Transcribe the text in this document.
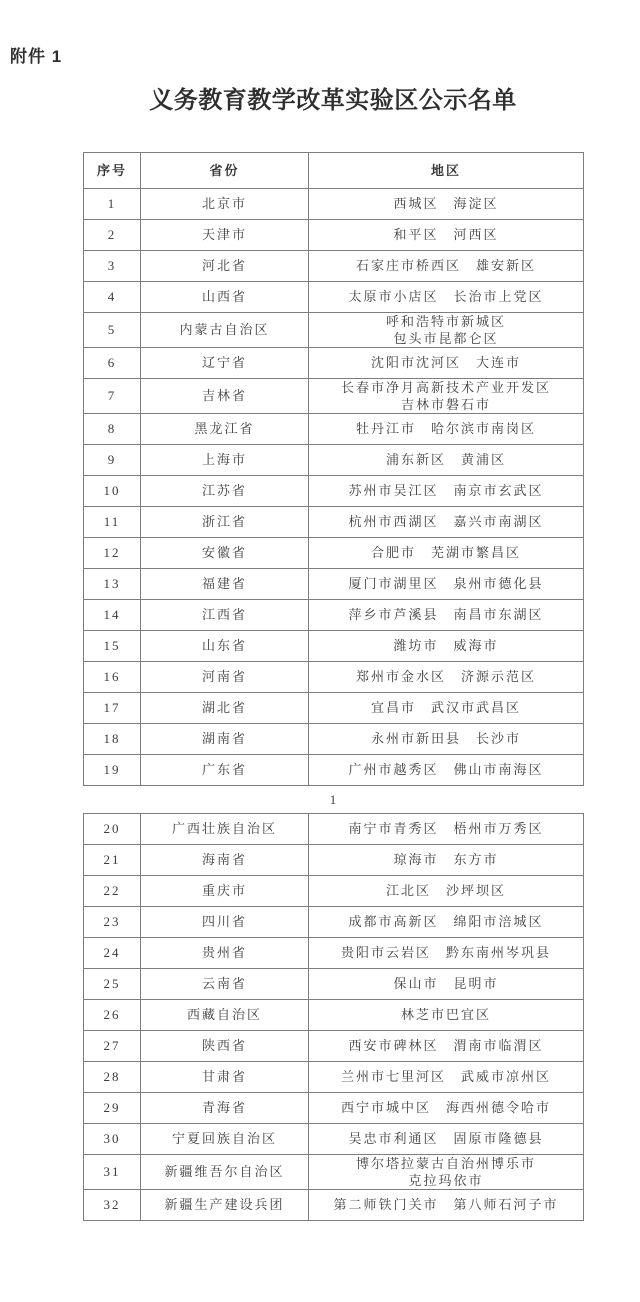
附件 1
义务教育教学改革实验区公示名单
序号	省份	地区
1	北京市	西城区　海淀区
2	天津市	和平区　河西区
3	河北省	石家庄市桥西区　雄安新区
4	山西省	太原市小店区　长治市上党区
5	内蒙古自治区	呼和浩特市新城区
包头市昆都仑区

6	辽宁省	沈阳市沈河区　大连市
7	吉林省	长春市净月高新技术产业开发区
吉林市磐石市

8	黑龙江省	牡丹江市　哈尔滨市南岗区
9	上海市	浦东新区　黄浦区
10	江苏省	苏州市吴江区　南京市玄武区
11	浙江省	杭州市西湖区　嘉兴市南湖区
12	安徽省	合肥市　芜湖市繁昌区
13	福建省	厦门市湖里区　泉州市德化县
14	江西省	萍乡市芦溪县　南昌市东湖区
15	山东省	潍坊市　威海市
16	河南省	郑州市金水区　济源示范区
17	湖北省	宜昌市　武汉市武昌区
18	湖南省	永州市新田县　长沙市
19	广东省	广州市越秀区　佛山市南海区
1
20	广西壮族自治区	南宁市青秀区　梧州市万秀区
21	海南省	琼海市　东方市
22	重庆市	江北区　沙坪坝区
23	四川省	成都市高新区　绵阳市涪城区
24	贵州省	贵阳市云岩区　黔东南州岑巩县
25	云南省	保山市　昆明市
26	西藏自治区	林芝市巴宜区
27	陕西省	西安市碑林区　渭南市临渭区
28	甘肃省	兰州市七里河区　武威市凉州区
29	青海省	西宁市城中区　海西州德令哈市
30	宁夏回族自治区	吴忠市利通区　固原市隆德县
31	新疆维吾尔自治区	博尔塔拉蒙古自治州博乐市
克拉玛依市

32	新疆生产建设兵团	第二师铁门关市　第八师石河子市
